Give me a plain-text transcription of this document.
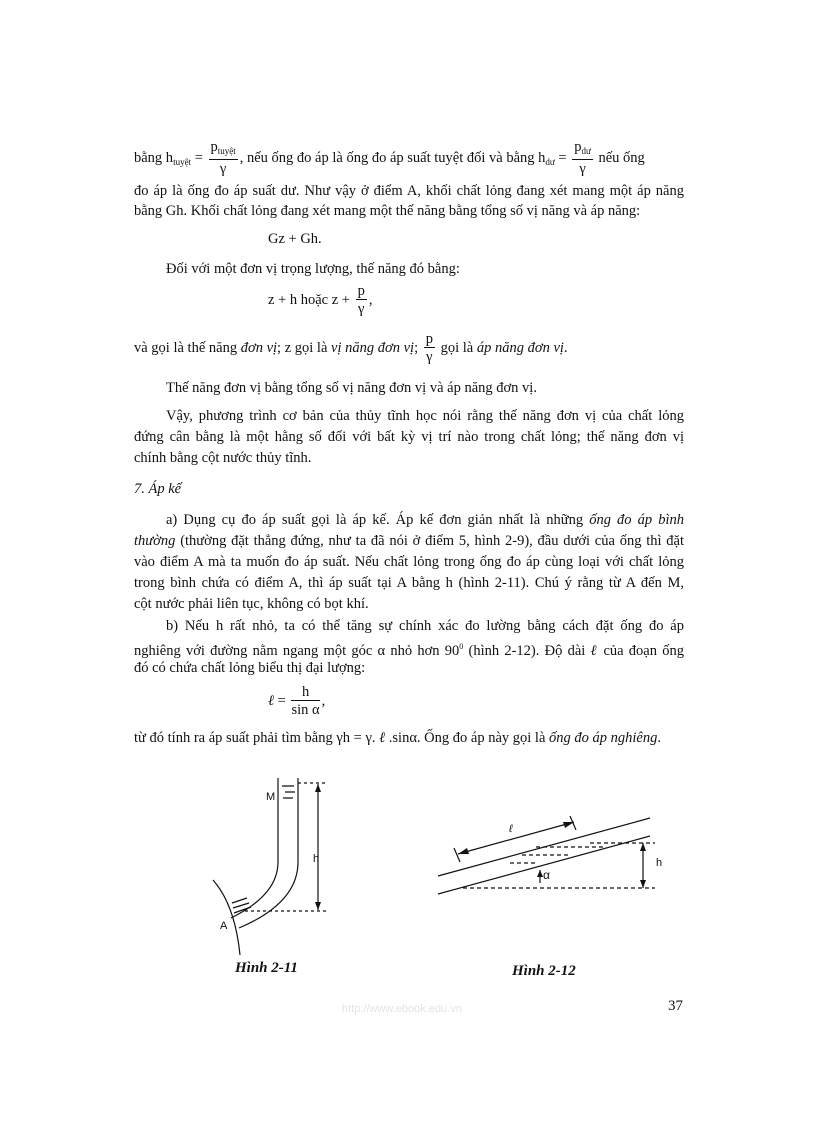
bằng $h_{tuyệt} = \frac{p_{tuyệt}}{\gamma}$ , nếu ống đo áp là ống đo áp suất tuyệt đối và bằng $h_{dư} = \frac{p_{dư}}{\gamma}$ nếu ống
đo áp là ống đo áp suất dư. Như vậy ở điểm A, khối chất lỏng đang xét mang một áp năng
bằng Gh. Khối chất lỏng đang xét mang một thế năng bằng tổng số vị năng và áp năng:
Gz + Gh.
Đối với một đơn vị trọng lượng, thế năng đó bằng:
z + h hoặc $z + \frac{p}{\gamma}$ ,
và gọi là thế năng đơn vị; z gọi là vị năng đơn vị; $\frac{p}{\gamma}$ gọi là áp năng đơn vị.
Thế năng đơn vị bằng tổng số vị năng đơn vị và áp năng đơn vị.
Vậy, phương trình cơ bản của thủy tĩnh học nói rằng thế năng đơn vị của chất lỏng
đứng cân bằng là một hằng số đối với bất kỳ vị trí nào trong chất lỏng; thế năng đơn vị
chính bằng cột nước thủy tĩnh.
7. Áp kế
a) Dụng cụ đo áp suất gọi là áp kế. Áp kế đơn giản nhất là những ống đo áp bình
thường (thường đặt thẳng đứng, như ta đã nói ở điểm 5, hình 2-9), đầu dưới của ống thì đặt
vào điểm A mà ta muốn đo áp suất. Nếu chất lỏng trong ống đo áp cùng loại với chất lỏng
trong bình chứa có điểm A, thì áp suất tại A bằng h (hình 2-11). Chú ý rằng từ A đến M,
cột nước phải liên tục, không có bọt khí.
b) Nếu h rất nhỏ, ta có thể tăng sự chính xác đo lường bằng cách đặt ống đo áp
nghiêng với đường nằm ngang một góc α nhỏ hơn $90^0$ (hình 2-12). Độ dài ℓ của đoạn ống
đó có chứa chất lỏng biểu thị đại lượng:
ℓ = $\frac{h}{\text{sin α}}$ ,
từ đó tính ra áp suất phải tìm bằng γh = γ. ℓ .sinα. Ống đo áp này gọi là ống đo áp nghiêng.
M
h
A
Hình 2-11
ℓ
h
α
Hình 2-12
http://www.ebook.edu.vn	37
